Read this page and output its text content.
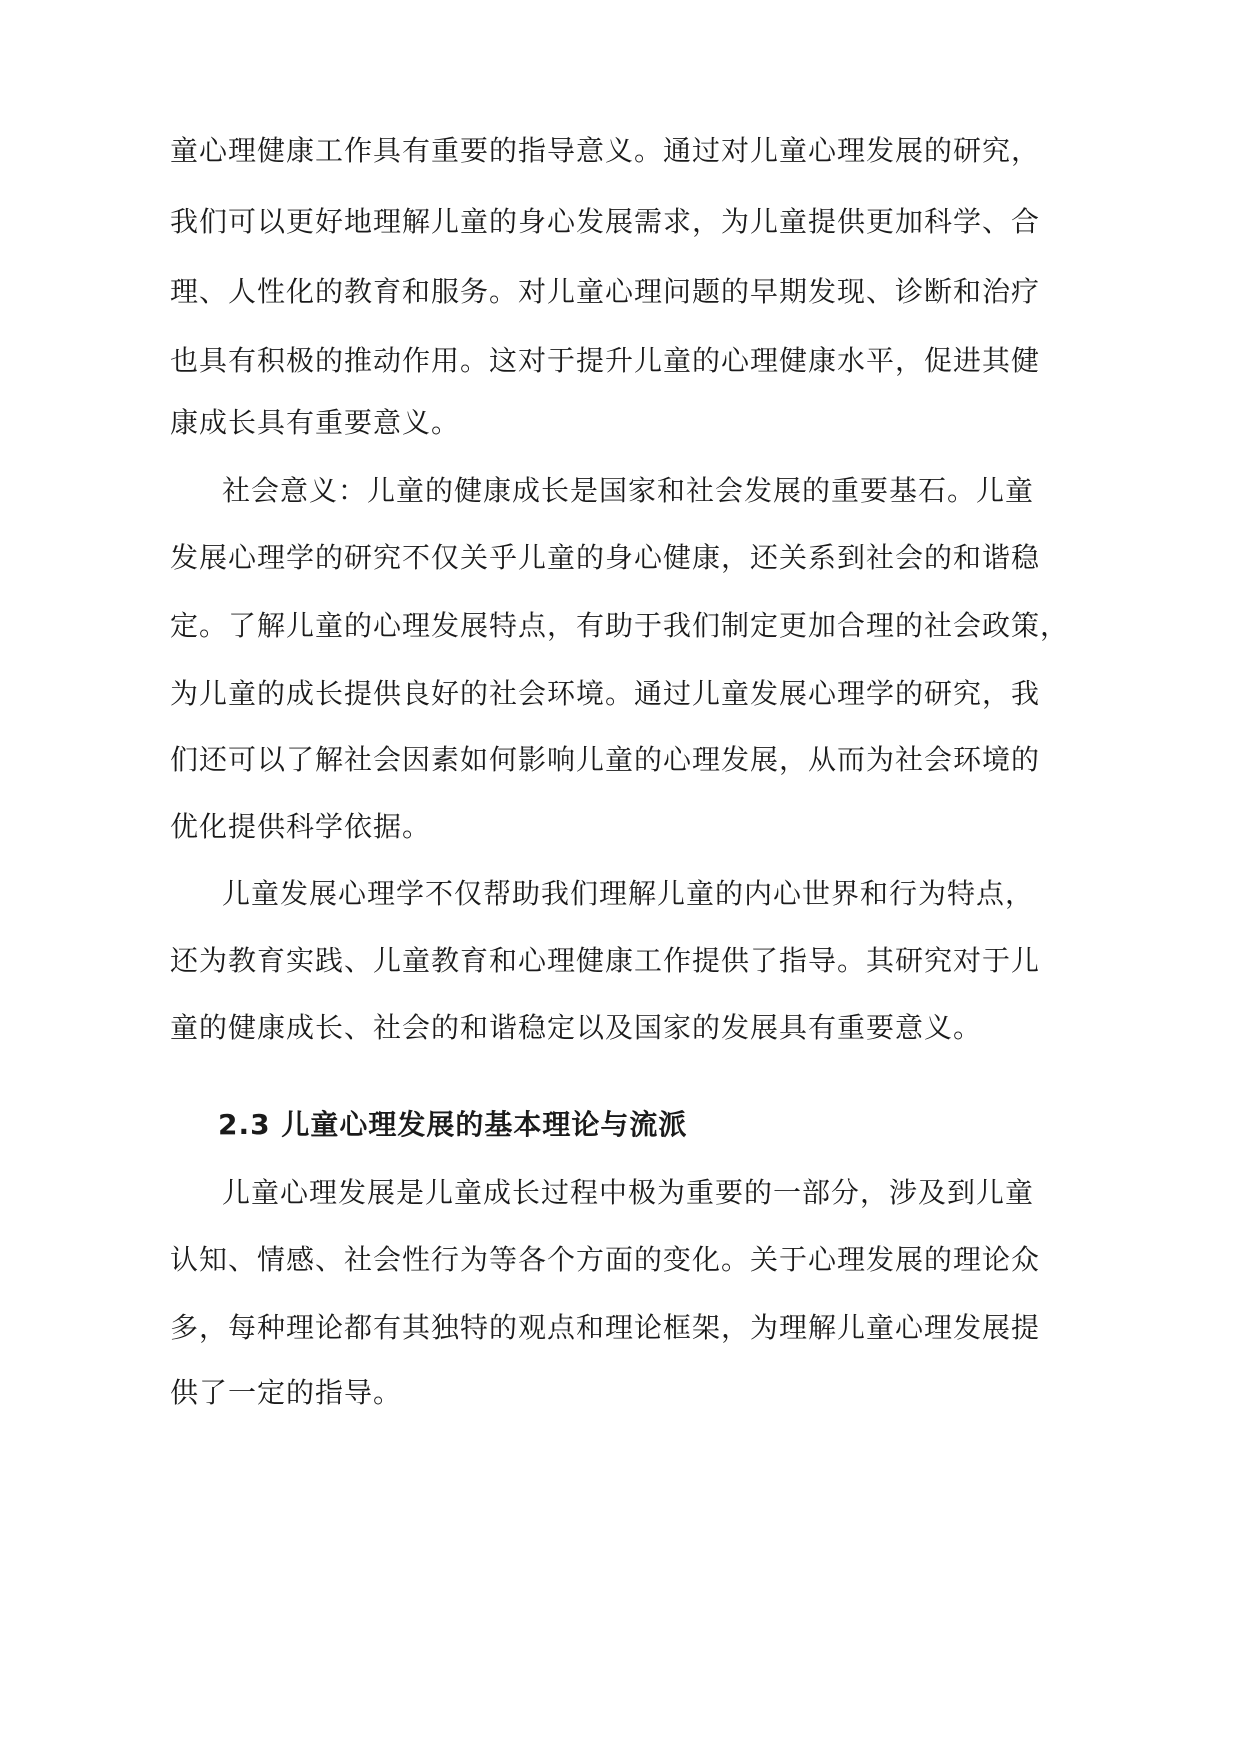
童心理健康工作具有重要的指导意义。通过对儿童心理发展的研究，

我们可以更好地理解儿童的身心发展需求，为儿童提供更加科学、合

理、人性化的教育和服务。对儿童心理问题的早期发现、诊断和治疗

也具有积极的推动作用。这对于提升儿童的心理健康水平，促进其健

康成长具有重要意义。

社会意义：儿童的健康成长是国家和社会发展的重要基石。儿童

发展心理学的研究不仅关乎儿童的身心健康，还关系到社会的和谐稳

定。了解儿童的心理发展特点，有助于我们制定更加合理的社会政策，

为儿童的成长提供良好的社会环境。通过儿童发展心理学的研究，我

们还可以了解社会因素如何影响儿童的心理发展，从而为社会环境的

优化提供科学依据。

儿童发展心理学不仅帮助我们理解儿童的内心世界和行为特点，

还为教育实践、儿童教育和心理健康工作提供了指导。其研究对于儿

童的健康成长、社会的和谐稳定以及国家的发展具有重要意义。

2.3 儿童心理发展的基本理论与流派

儿童心理发展是儿童成长过程中极为重要的一部分，涉及到儿童

认知、情感、社会性行为等各个方面的变化。关于心理发展的理论众

多，每种理论都有其独特的观点和理论框架，为理解儿童心理发展提

供了一定的指导。
